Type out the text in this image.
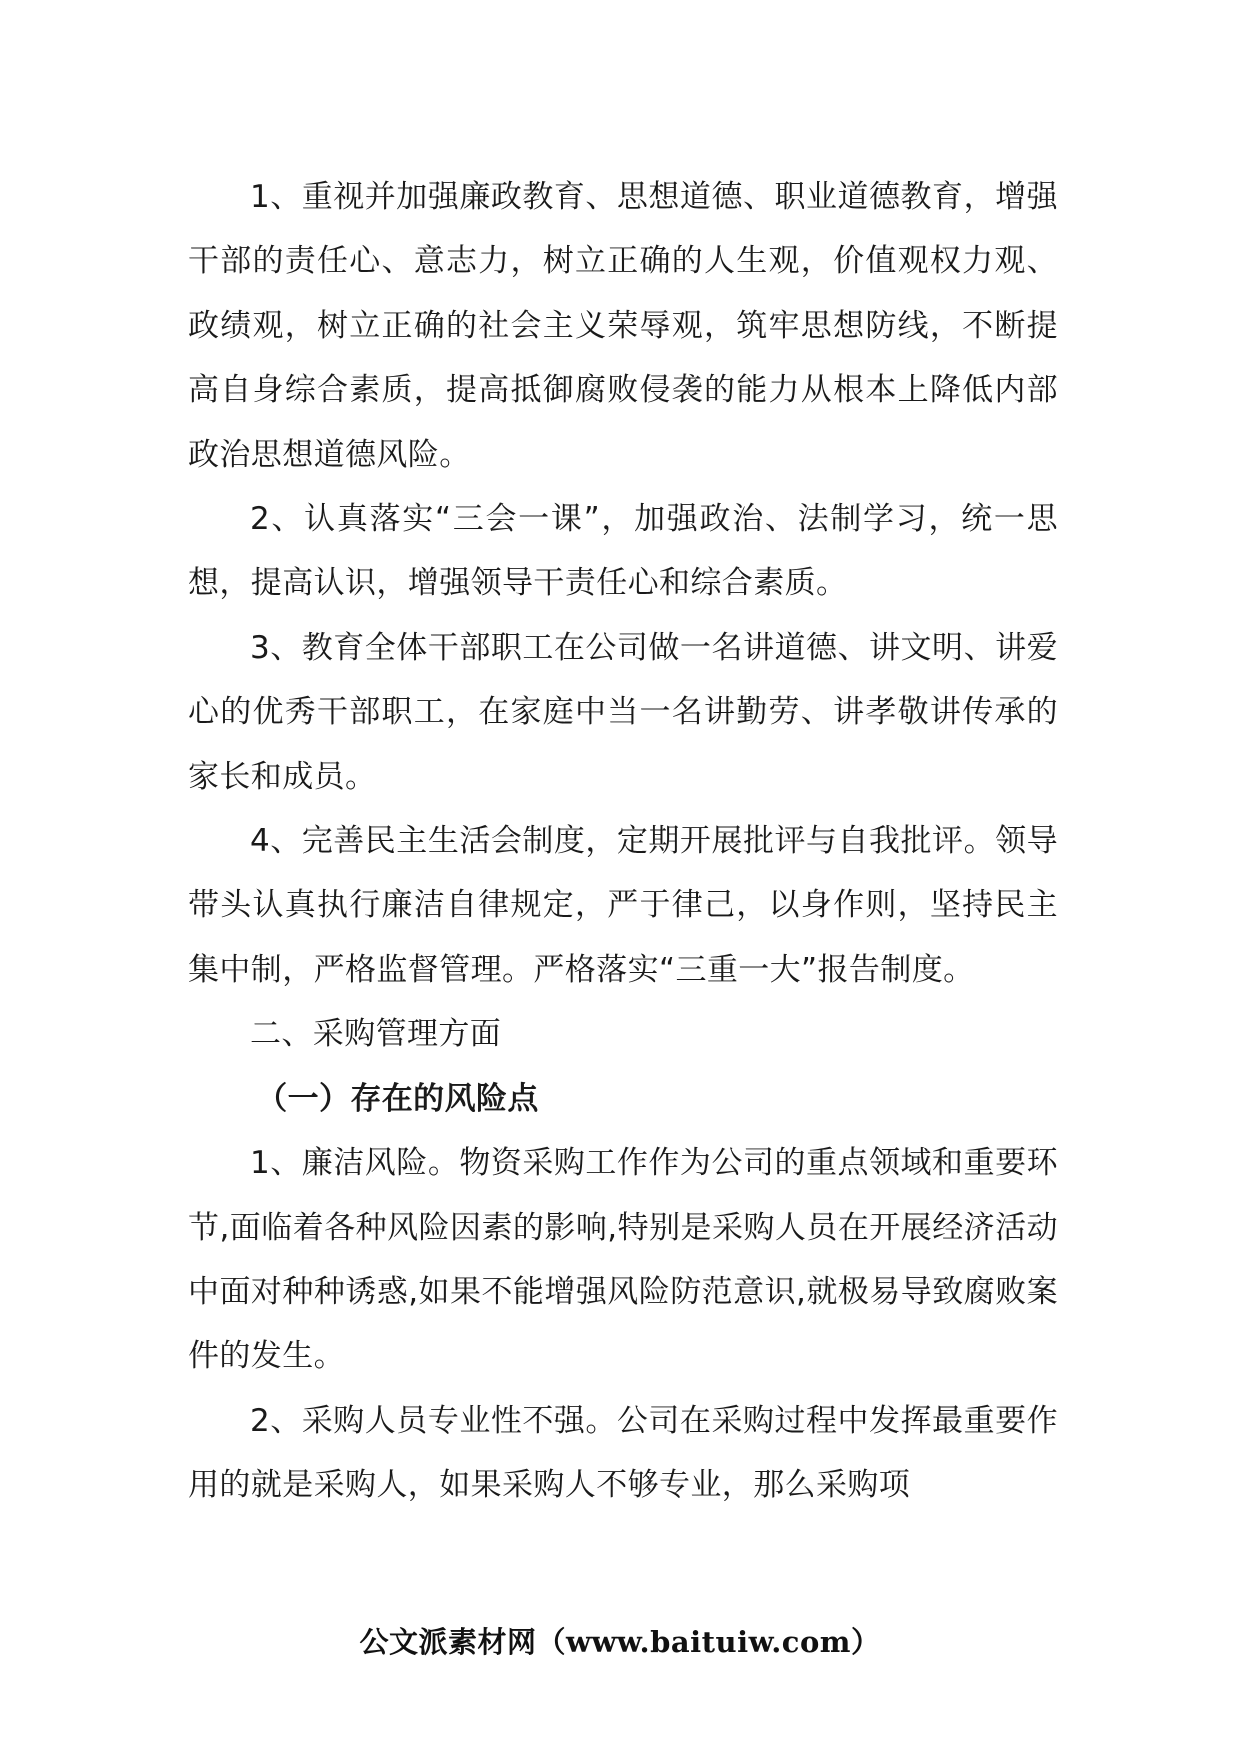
1、重视并加强廉政教育、思想道德、职业道德教育，增强干部的责任心、意志力，树立正确的人生观，价值观权力观、政绩观，树立正确的社会主义荣辱观，筑牢思想防线，不断提高自身综合素质，提高抵御腐败侵袭的能力从根本上降低内部政治思想道德风险。

2、认真落实“三会一课”，加强政治、法制学习，统一思想，提高认识，增强领导干责任心和综合素质。

3、教育全体干部职工在公司做一名讲道德、讲文明、讲爱心的优秀干部职工，在家庭中当一名讲勤劳、讲孝敬讲传承的家长和成员。

4、完善民主生活会制度，定期开展批评与自我批评。领导带头认真执行廉洁自律规定，严于律己，以身作则，坚持民主集中制，严格监督管理。严格落实“三重一大”报告制度。

二、采购管理方面

（一）存在的风险点

1、廉洁风险。物资采购工作作为公司的重点领域和重要环节,面临着各种风险因素的影响,特别是采购人员在开展经济活动中面对种种诱惑,如果不能增强风险防范意识,就极易导致腐败案件的发生。

2、采购人员专业性不强。公司在采购过程中发挥最重要作用的就是采购人，如果采购人不够专业，那么采购项

公文派素材网（www.baituiw.com）
